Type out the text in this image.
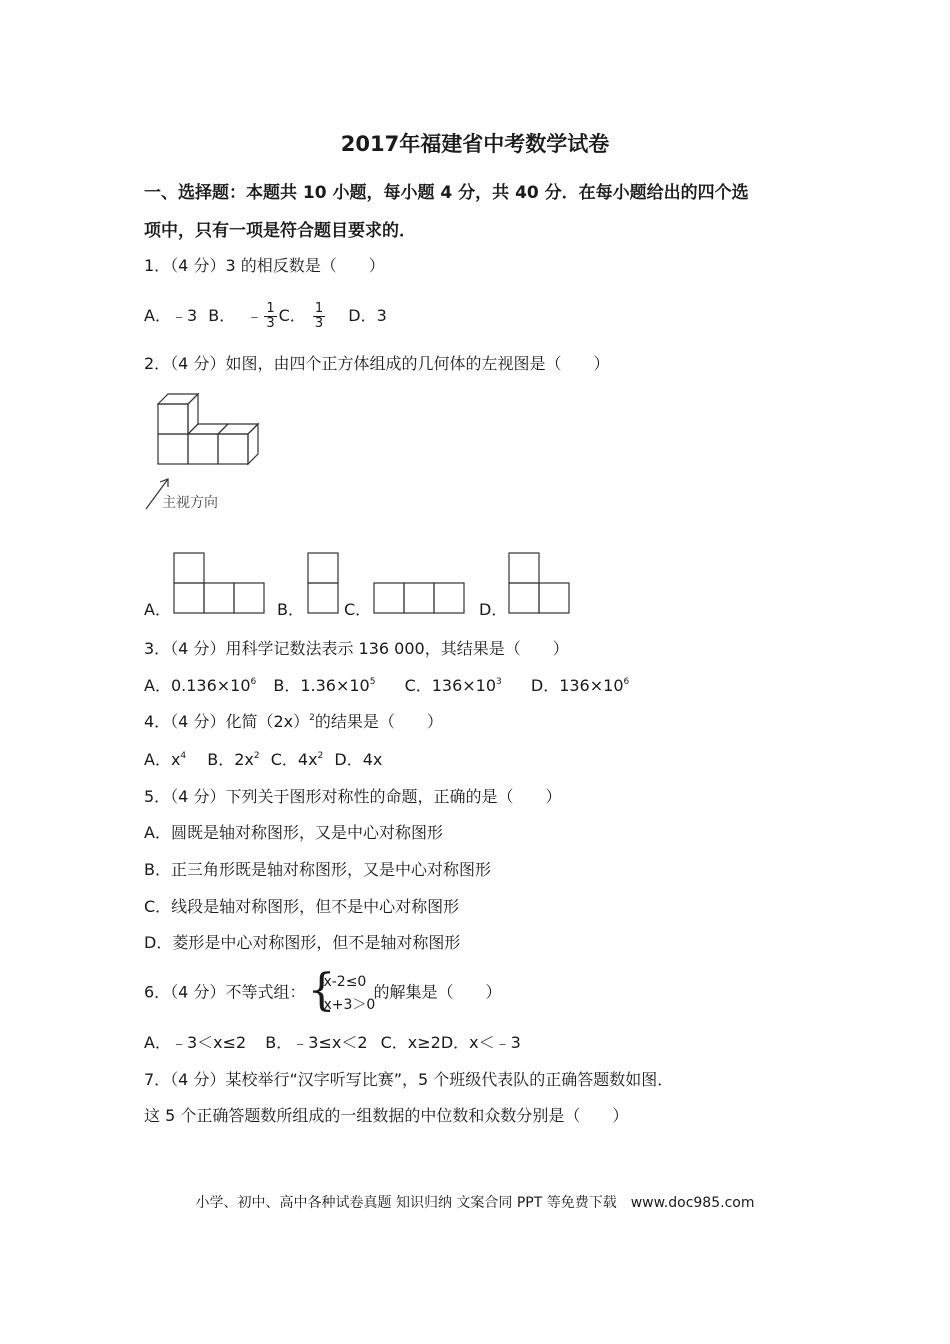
2017年福建省中考数学试卷
一、选择题：本题共 10 小题，每小题 4 分，共 40 分．在每小题给出的四个选
项中，只有一项是符合题目要求的．
1．（4 分）3 的相反数是（　　）
A．﹣3 B． ﹣ $\frac{1}{3}$ C． $\frac{1}{3}$ D．3
2．（4 分）如图，由四个正方体组成的几何体的左视图是（　　）
主视方向
A．	B．	C．	D．
3．（4 分）用科学记数法表示 136 000，其结果是（　　）
A．$0.136\times 10^6$ B．$1.36\times 10^5$ C．$136\times 10^3$ D．$136\times 10^6$
4．（4 分）化简$(2x)^2$的结果是（　　）
A．$x^4$ B．$2x^2$ C．$4x^2$ D．4x
5．（4 分）下列关于图形对称性的命题，正确的是（　　）
A．圆既是轴对称图形，又是中心对称图形
B．正三角形既是轴对称图形，又是中心对称图形
C．线段是轴对称图形，但不是中心对称图形
D．菱形是中心对称图形，但不是轴对称图形
6．（4 分）不等式组： {
x-2≤0
x+3＞0
的解集是（　　）
A．﹣3＜x≤2 B．﹣3≤x＜2 C．x≥2D．x＜﹣3
7．（4 分）某校举行“汉字听写比赛”，5 个班级代表队的正确答题数如图．
这 5 个正确答题数所组成的一组数据的中位数和众数分别是（　　）
小学、初中、高中各种试卷真题 知识归纳 文案合同 PPT 等免费下载　www.doc985.com
